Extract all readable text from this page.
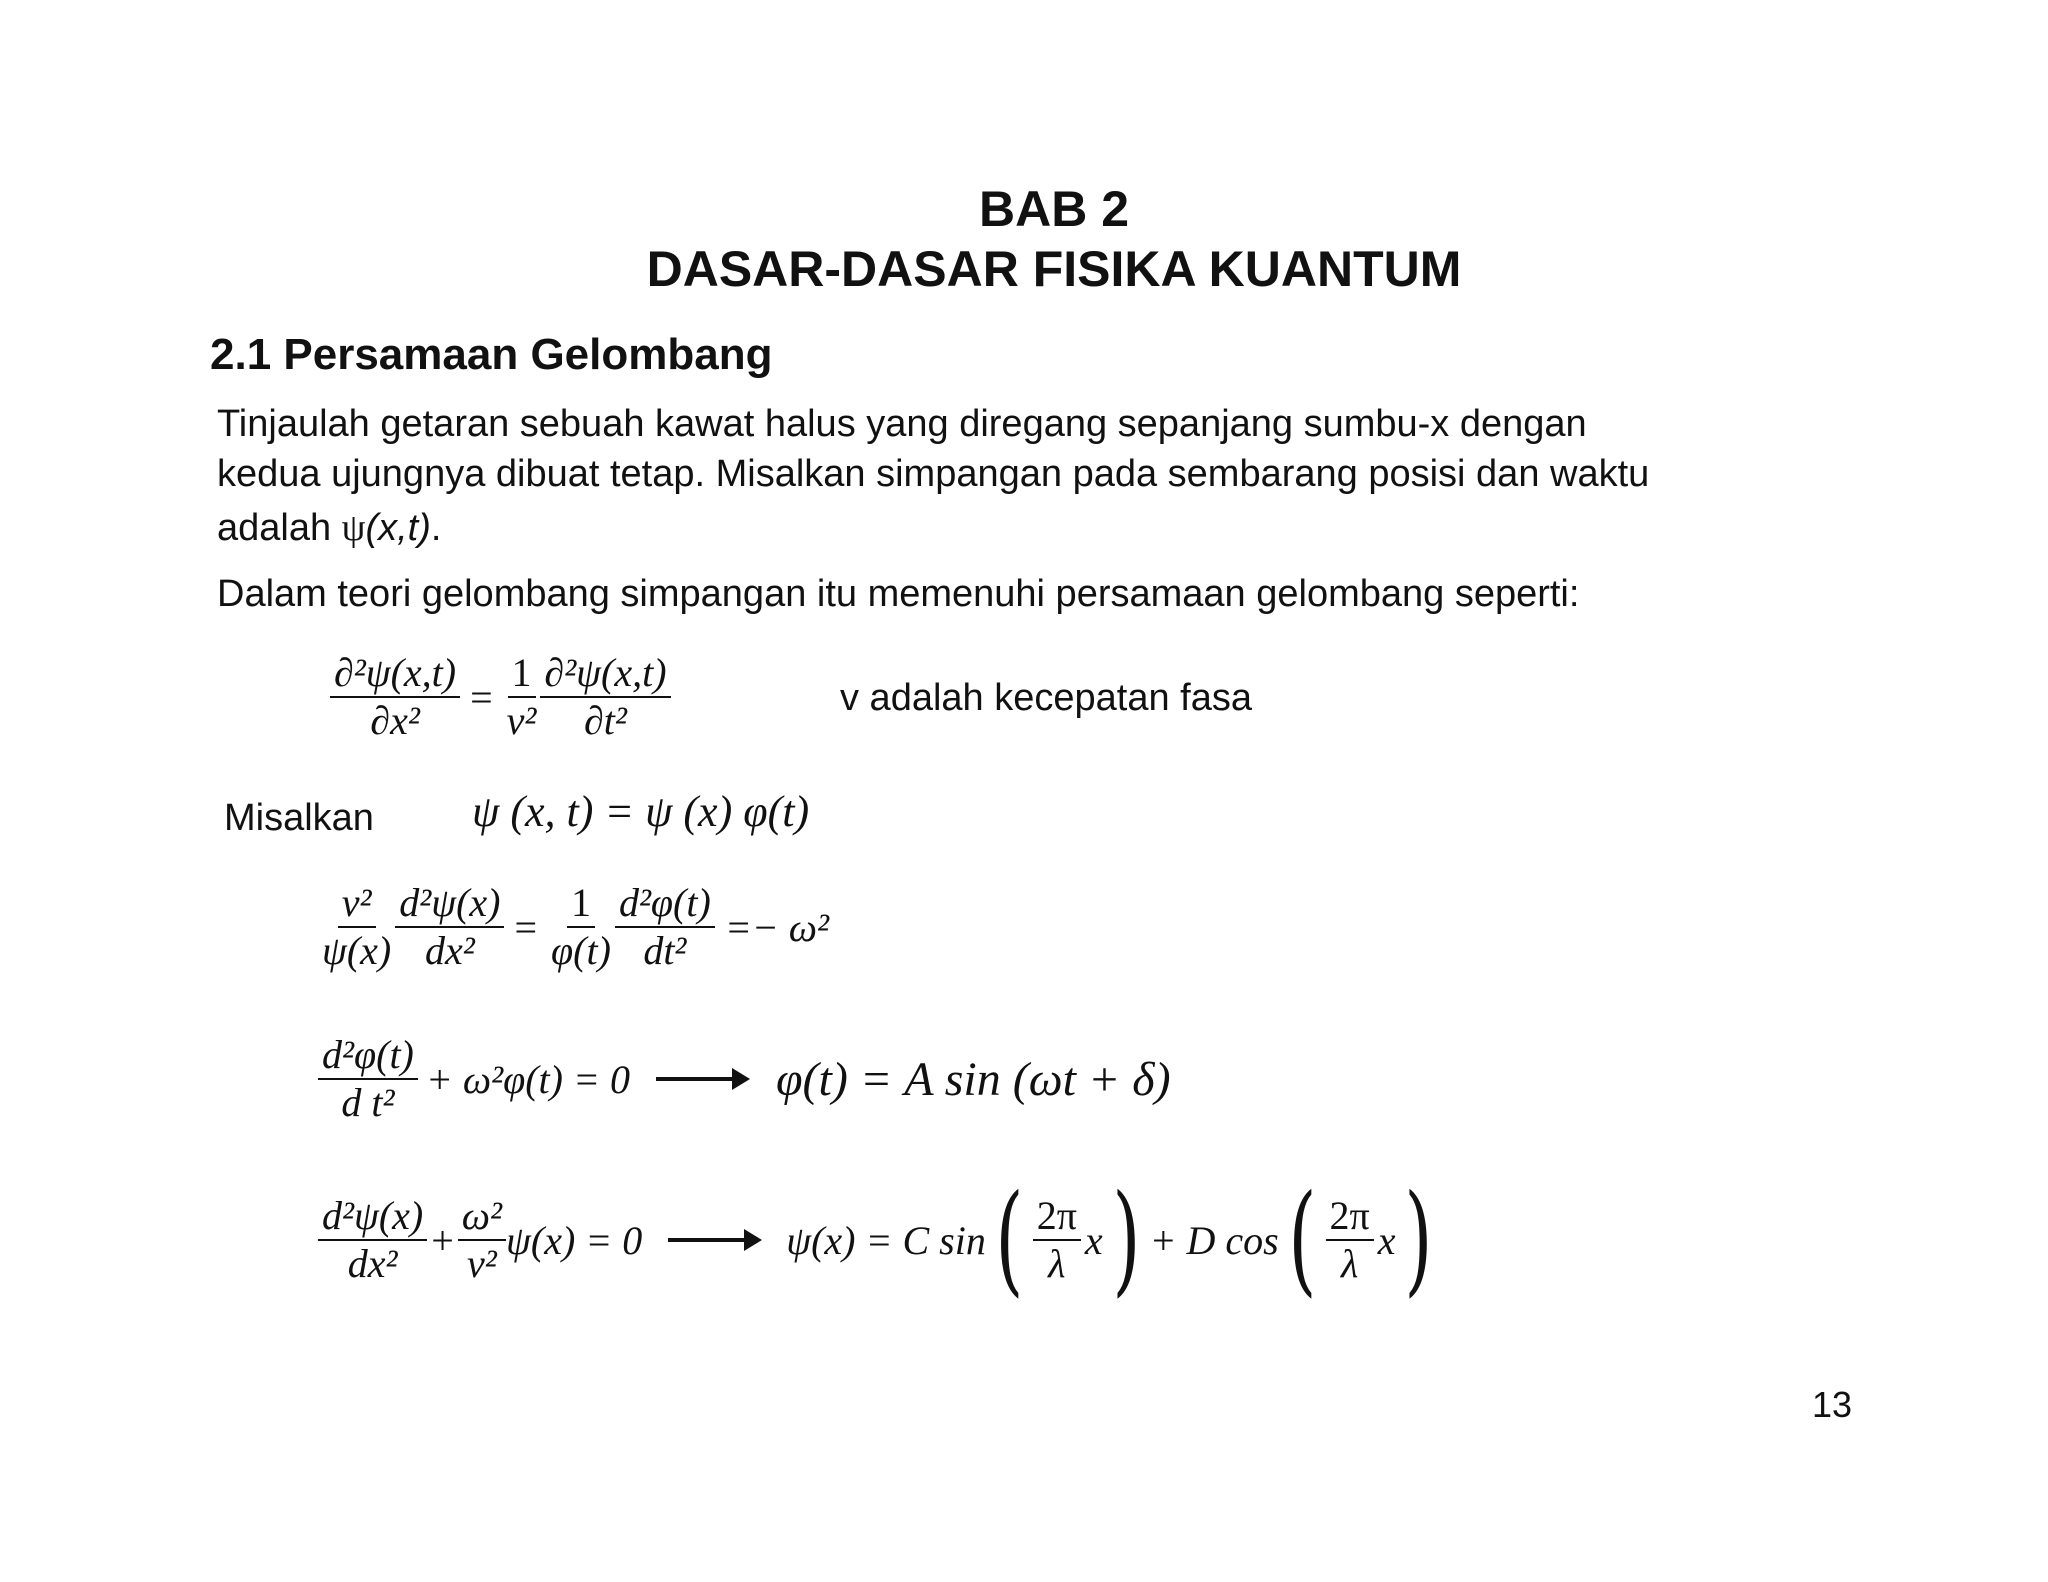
BAB 2
DASAR-DASAR FISIKA KUANTUM
2.1 Persamaan Gelombang
Tinjaulah getaran sebuah kawat halus yang diregang sepanjang sumbu-x dengan
kedua ujungnya dibuat tetap. Misalkan simpangan pada sembarang posisi dan waktu
adalah ψ(x,t).
Dalam teori gelombang simpangan itu memenuhi persamaan gelombang seperti:
$\frac{\text{∂²ψ(x,t)}}{\text{∂x²}} = \frac{1}{\text{v²}} \frac{\text{∂²ψ(x,t)}}{\text{∂t²}}$	v adalah kecepatan fasa
Misalkan ψ (x, t) = ψ (x) φ(t)
$\frac{\text{v²}}{\psi(x)} \frac{\text{d²ψ(x)}}{\text{dx²}} = \frac{1}{\varphi(t)} \frac{\text{d²φ(t)}}{\text{dt²}} =- \omega^2$
$\frac{\text{d²φ(t)}}{\text{d t²}} + \omega^2\varphi(t) = 0$	φ(t) = A sin (ωt + δ)
$\frac{\text{d²ψ(x)}}{\text{dx²}} + \frac{\text{ω²}}{\text{v²}} \psi(x) = 0$	ψ(x) = C sin ( $\frac{2\pi}{\lambda}$ x ) + D cos ( $\frac{2\pi}{\lambda}$ x )
13
